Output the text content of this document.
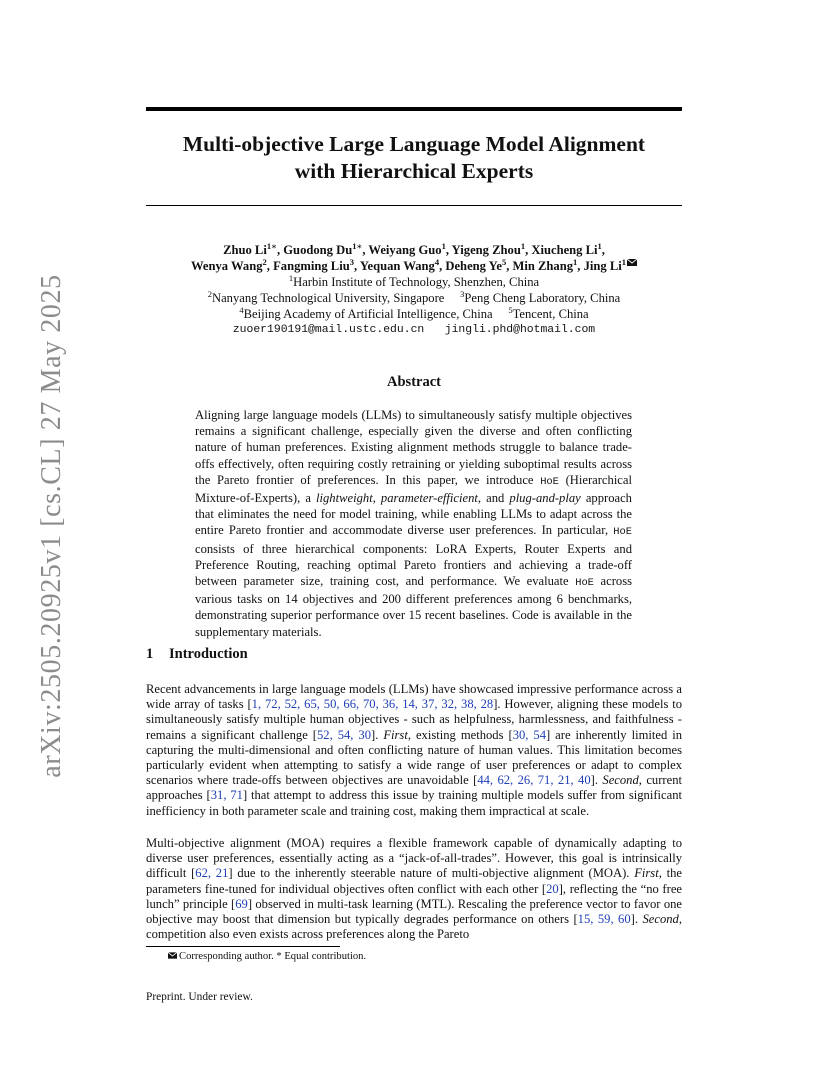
arXiv:2505.20925v1 [cs.CL] 27 May 2025
Multi-objective Large Language Model Alignment
with Hierarchical Experts
Zhuo $Li^{1∗}$, Guodong $Du^{1∗}$, Weiyang Guo$^1$, Yigeng Zhou$^1$, Xiucheng Li$^1$,
Wenya Wang$^2$, Fangming Liu$^3$, Yequan Wang$^4$, Deheng Ye$^5$, Min Zhang$^1$, Jing Li$^1$
$^1$Harbin Institute of Technology, Shenzhen, China
$^2$Nanyang Technological University, Singapore $^3$Peng Cheng Laboratory, China
$^4$Beijing Academy of Artificial Intelligence, China $^5$Tencent, China
zuoer190191@mail.ustc.edu.cn jingli.phd@hotmail.com
Abstract

Aligning large language models (LLMs) to simultaneously satisfy multiple objectives remains a significant challenge, especially given the diverse and often conflicting nature of human preferences. Existing alignment methods struggle to balance trade-offs effectively, often requiring costly retraining or yielding suboptimal results across the Pareto frontier of preferences. In this paper, we introduce HoE (Hierarchical Mixture-of-Experts), a lightweight, parameter-efficient, and plug-and-play approach that eliminates the need for model training, while enabling LLMs to adapt across the entire Pareto frontier and accommodate diverse user preferences. In particular, HoE consists of three hierarchical components: LoRA Experts, Router Experts and Preference Routing, reaching optimal Pareto frontiers and achieving a trade-off between parameter size, training cost, and performance. We evaluate HoE across various tasks on 14 objectives and 200 different preferences among 6 benchmarks, demonstrating superior performance over 15 recent baselines. Code is available in the supplementary materials.

1 Introduction

Recent advancements in large language models (LLMs) have showcased impressive performance across a wide array of tasks [1, 72, 52, 65, 50, 66, 70, 36, 14, 37, 32, 38, 28]. However, aligning these models to simultaneously satisfy multiple human objectives - such as helpfulness, harmlessness, and faithfulness - remains a significant challenge [52, 54, 30]. First, existing methods [30, 54] are inherently limited in capturing the multi-dimensional and often conflicting nature of human values. This limitation becomes particularly evident when attempting to satisfy a wide range of user preferences or adapt to complex scenarios where trade-offs between objectives are unavoidable [44, 62, 26, 71, 21, 40]. Second, current approaches [31, 71] that attempt to address this issue by training multiple models suffer from significant inefficiency in both parameter scale and training cost, making them impractical at scale.

Multi-objective alignment (MOA) requires a flexible framework capable of dynamically adapting to diverse user preferences, essentially acting as a “jack-of-all-trades”. However, this goal is intrinsically difficult [62, 21] due to the inherently steerable nature of multi-objective alignment (MOA). First, the parameters fine-tuned for individual objectives often conflict with each other [20], reflecting the “no free lunch” principle [69] observed in multi-task learning (MTL). Rescaling the preference vector to favor one objective may boost that dimension but typically degrades performance on others [15, 59, 60]. Second, competition also even exists across preferences along the Pareto

Corresponding author. * Equal contribution.

Preprint. Under review.
